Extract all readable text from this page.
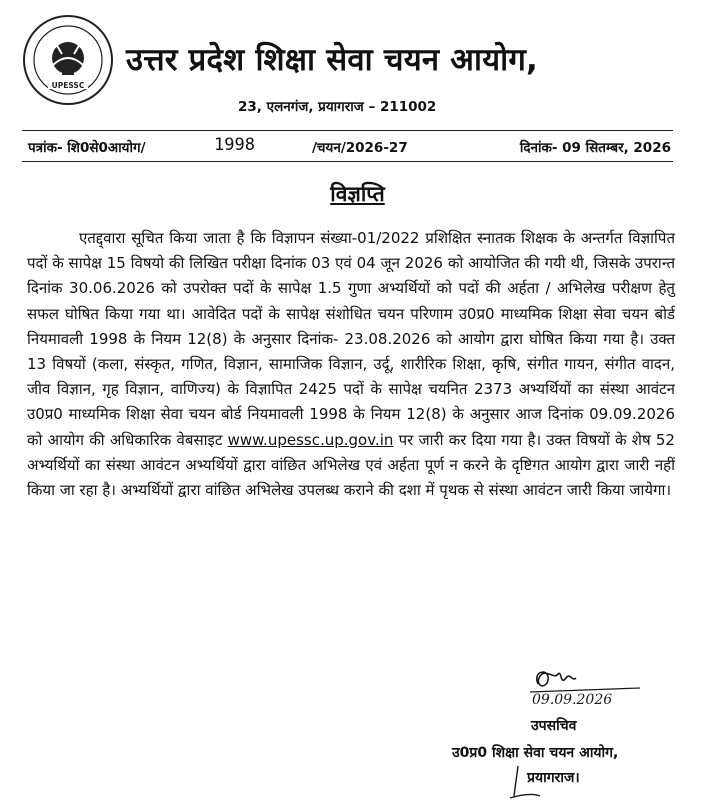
UPESSC
उत्तर प्रदेश शिक्षा सेवा चयन आयोग,
23, एलनगंज, प्रयागराज – 211002
पत्रांक- शि0से0आयोग/	1998	/चयन/2026-27	दिनांक- 09 सितम्बर, 2026
विज्ञप्ति
एतद्द्वारा सूचित किया जाता है कि विज्ञापन संख्या-01/2022 प्रशिक्षित स्नातक शिक्षक के अन्तर्गत विज्ञापित पदों के सापेक्ष 15 विषयो की लिखित परीक्षा दिनांक 03 एवं 04 जून 2026 को आयोजित की गयी थी, जिसके उपरान्त दिनांक 30.06.2026 को उपरोक्त पदों के सापेक्ष 1.5 गुणा अभ्यर्थियों को पदों की अर्हता / अभिलेख परीक्षण हेतु सफल घोषित किया गया था। आवेदित पदों के सापेक्ष संशोधित चयन परिणाम उ0प्र0 माध्यमिक शिक्षा सेवा चयन बोर्ड नियमावली 1998 के नियम 12(8) के अनुसार दिनांक- 23.08.2026 को आयोग द्वारा घोषित किया गया है। उक्त 13 विषयों (कला, संस्कृत, गणित, विज्ञान, सामाजिक विज्ञान, उर्दू, शारीरिक शिक्षा, कृषि, संगीत गायन, संगीत वादन, जीव विज्ञान, गृह विज्ञान, वाणिज्य) के विज्ञापित 2425 पदों के सापेक्ष चयनित 2373 अभ्यर्थियों का संस्था आवंटन उ0प्र0 माध्यमिक शिक्षा सेवा चयन बोर्ड नियमावली 1998 के नियम 12(8) के अनुसार आज दिनांक 09.09.2026 को आयोग की अधिकारिक वेबसाइट www.upessc.up.gov.in पर जारी कर दिया गया है। उक्त विषयों के शेष 52 अभ्यर्थियों का संस्था आवंटन अभ्यर्थियों द्वारा वांछित अभिलेख एवं अर्हता पूर्ण न करने के दृष्टिगत आयोग द्वारा जारी नहीं किया जा रहा है। अभ्यर्थियों द्वारा वांछित अभिलेख उपलब्ध कराने की दशा में पृथक से संस्था आवंटन जारी किया जायेगा।
09.09.2026
उपसचिव
उ0प्र0 शिक्षा सेवा चयन आयोग,
प्रयागराज।
